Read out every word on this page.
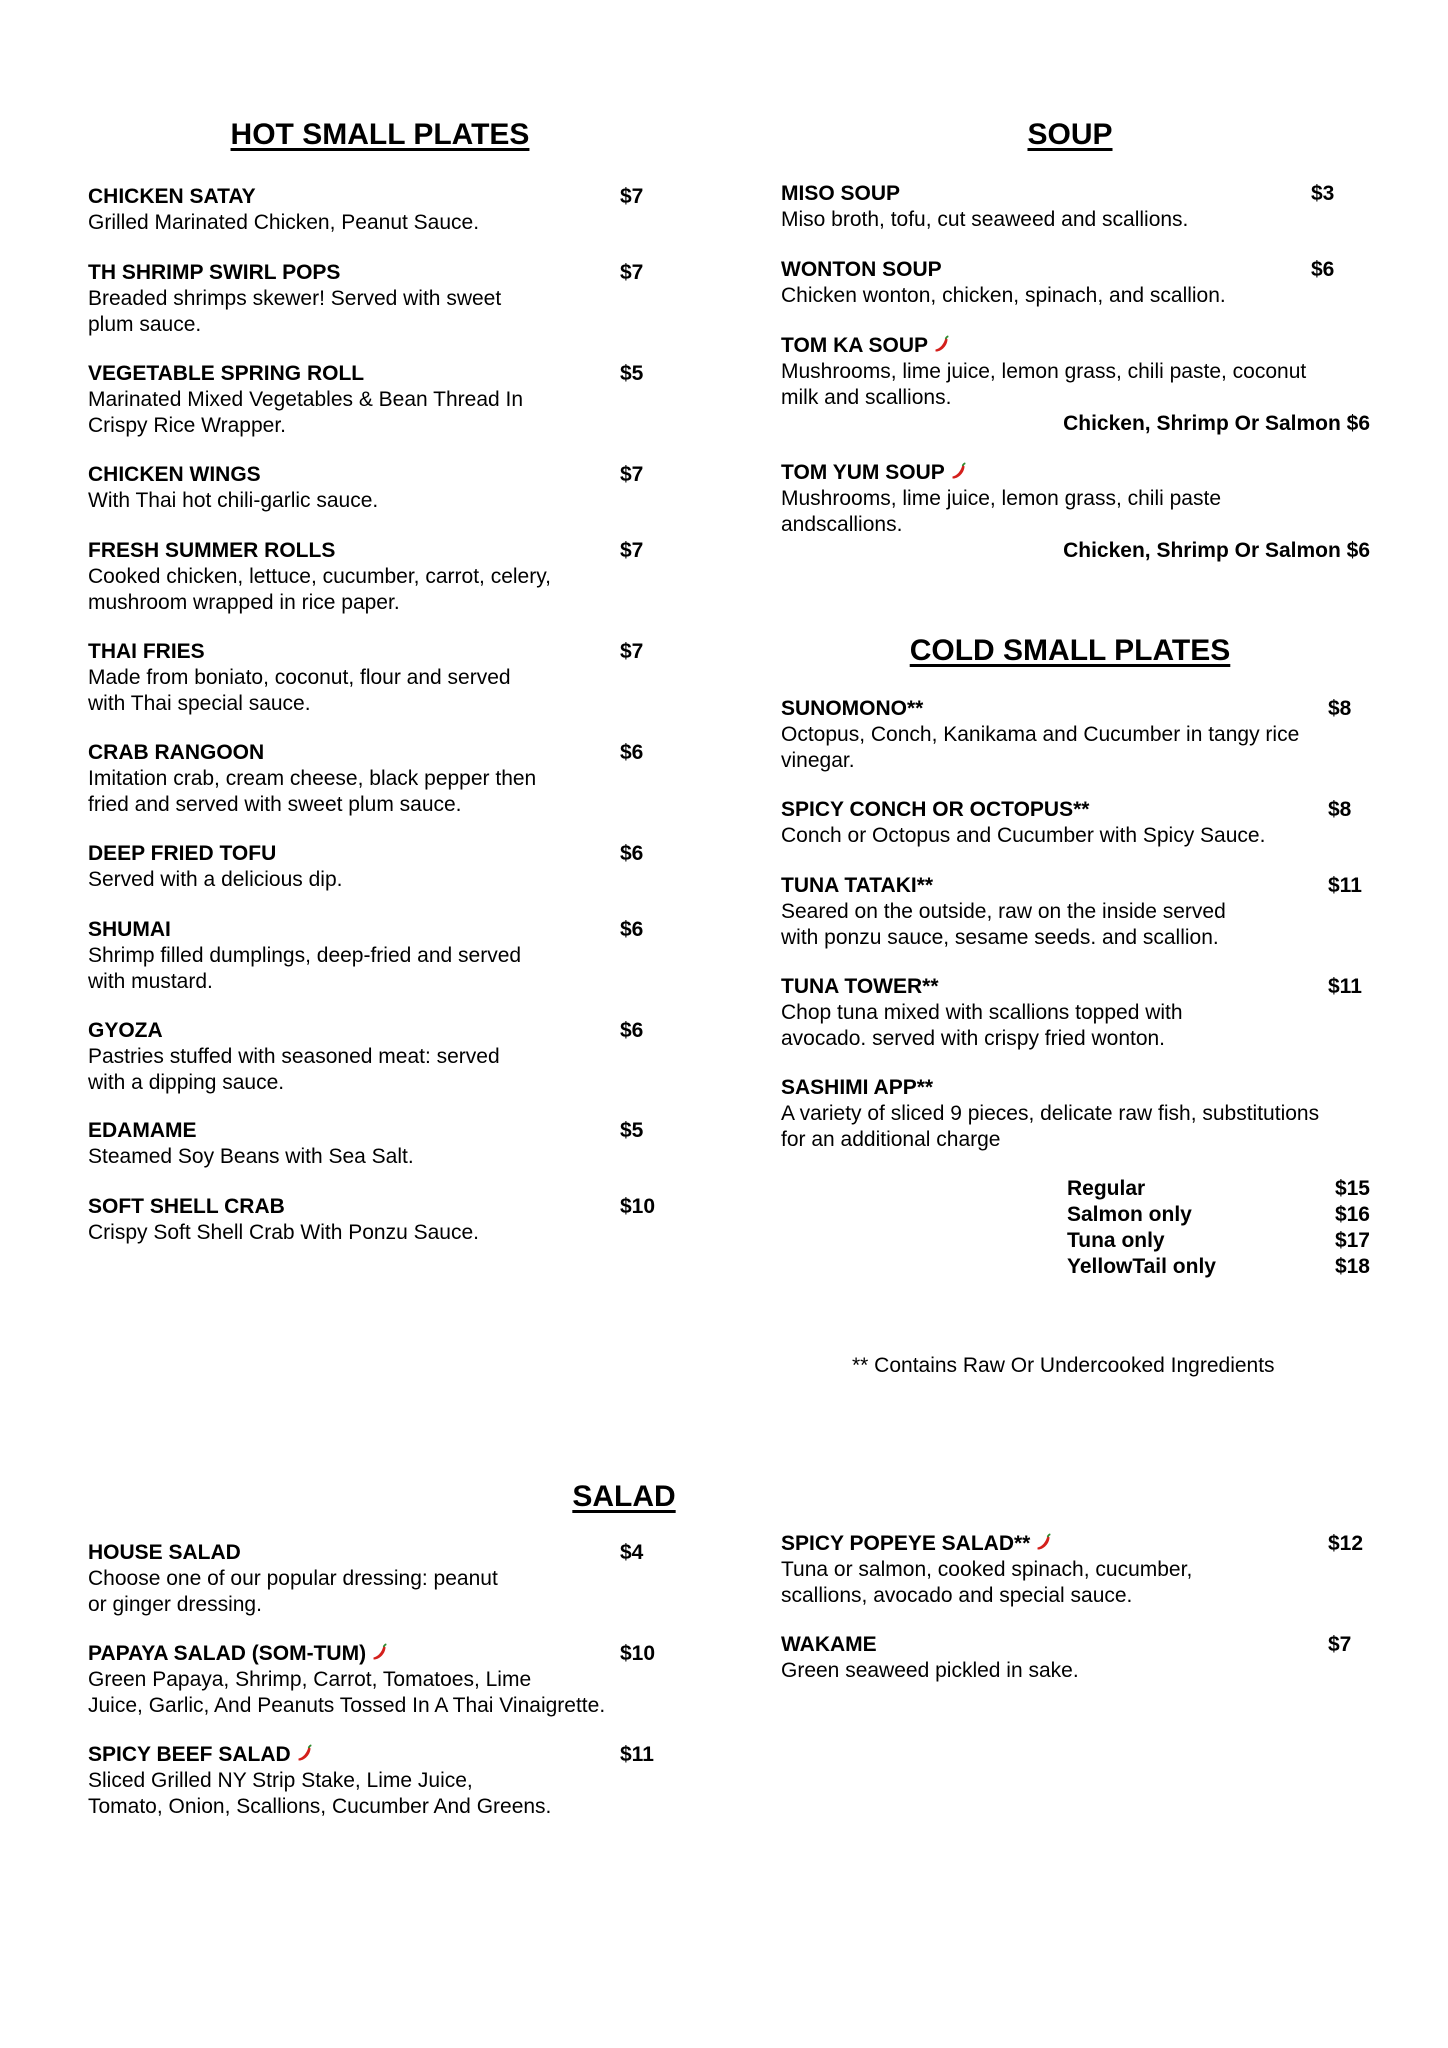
HOT SMALL PLATES
CHICKEN SATAY	$7
Grilled Marinated Chicken, Peanut Sauce.
TH SHRIMP SWIRL POPS	$7
Breaded shrimps skewer! Served with sweet
plum sauce.
VEGETABLE SPRING ROLL	$5
Marinated Mixed Vegetables & Bean Thread In
Crispy Rice Wrapper.
CHICKEN WINGS	$7
With Thai hot chili-garlic sauce.
FRESH SUMMER ROLLS	$7
Cooked chicken, lettuce, cucumber, carrot, celery,
mushroom wrapped in rice paper.
THAI FRIES	$7
Made from boniato, coconut, flour and served
with Thai special sauce.
CRAB RANGOON	$6
Imitation crab, cream cheese, black pepper then
fried and served with sweet plum sauce.
DEEP FRIED TOFU	$6
Served with a delicious dip.
SHUMAI	$6
Shrimp filled dumplings, deep-fried and served
with mustard.
GYOZA	$6
Pastries stuffed with seasoned meat: served
with a dipping sauce.
EDAMAME	$5
Steamed Soy Beans with Sea Salt.
SOFT SHELL CRAB	$10
Crispy Soft Shell Crab With Ponzu Sauce.
SOUP
MISO SOUP	$3
Miso broth, tofu, cut seaweed and scallions.
WONTON SOUP	$6
Chicken wonton, chicken, spinach, and scallion.
TOM KA SOUP
Mushrooms, lime juice, lemon grass, chili paste, coconut
milk and scallions.
Chicken, Shrimp Or Salmon $6
TOM YUM SOUP
Mushrooms, lime juice, lemon grass, chili paste
andscallions.
Chicken, Shrimp Or Salmon $6
COLD SMALL PLATES
SUNOMONO**	$8
Octopus, Conch, Kanikama and Cucumber in tangy rice
vinegar.
SPICY CONCH OR OCTOPUS**	$8
Conch or Octopus and Cucumber with Spicy Sauce.
TUNA TATAKI**	$11
Seared on the outside, raw on the inside served
with ponzu sauce, sesame seeds. and scallion.
TUNA TOWER**	$11
Chop tuna mixed with scallions topped with
avocado. served with crispy fried wonton.
SASHIMI APP**
A variety of sliced 9 pieces, delicate raw fish, substitutions
for an additional charge
Regular	$15
Salmon only	$16
Tuna only	$17
YellowTail only	$18
** Contains Raw Or Undercooked Ingredients
SALAD
HOUSE SALAD	$4
Choose one of our popular dressing: peanut
or ginger dressing.
PAPAYA SALAD (SOM-TUM)	$10
Green Papaya, Shrimp, Carrot, Tomatoes, Lime
Juice, Garlic, And Peanuts Tossed In A Thai Vinaigrette.
SPICY BEEF SALAD	$11
Sliced Grilled NY Strip Stake, Lime Juice,
Tomato, Onion, Scallions, Cucumber And Greens.
SPICY POPEYE SALAD**	$12
Tuna or salmon, cooked spinach, cucumber,
scallions, avocado and special sauce.
WAKAME	$7
Green seaweed pickled in sake.
